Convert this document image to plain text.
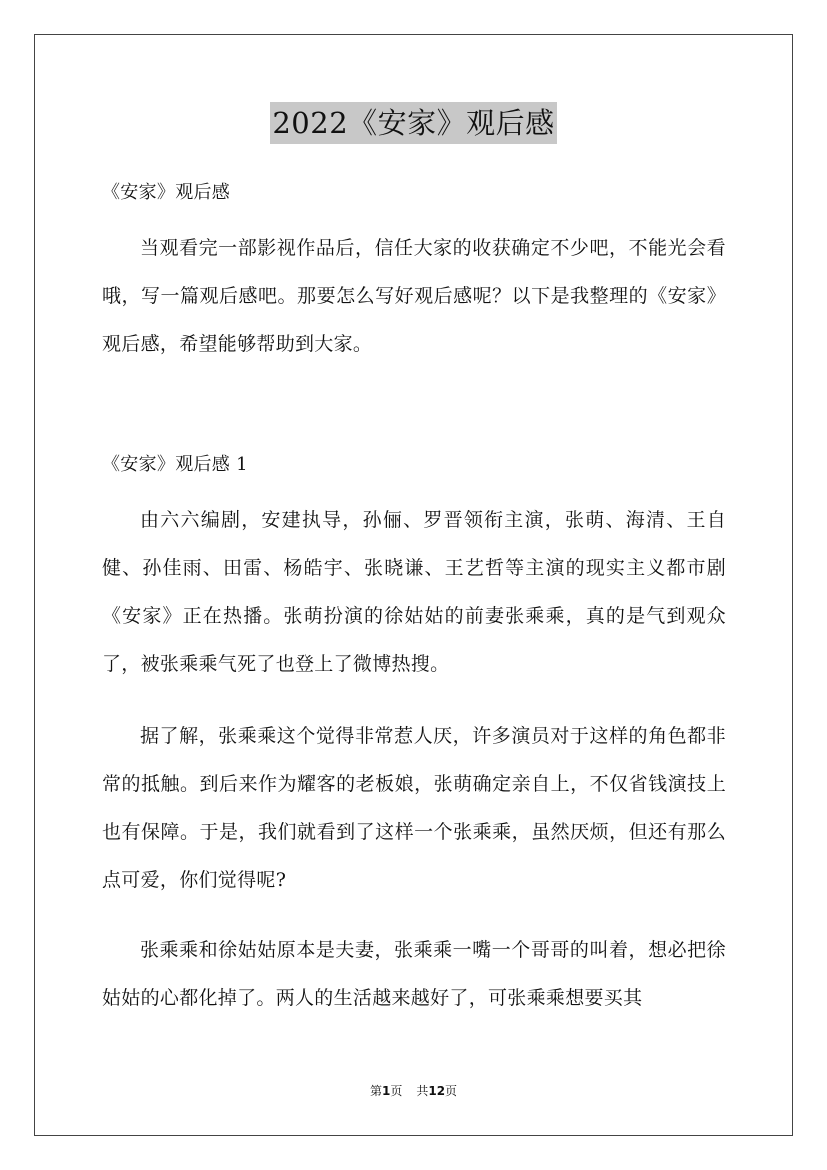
2022《安家》观后感

《安家》观后感

当观看完一部影视作品后，信任大家的收获确定不少吧，不能光会看哦，写一篇观后感吧。那要怎么写好观后感呢？以下是我整理的《安家》观后感，希望能够帮助到大家。

《安家》观后感 1

由六六编剧，安建执导，孙俪、罗晋领衔主演，张萌、海清、王自健、孙佳雨、田雷、杨皓宇、张晓谦、王艺哲等主演的现实主义都市剧《安家》正在热播。张萌扮演的徐姑姑的前妻张乘乘，真的是气到观众了，被张乘乘气死了也登上了微博热搜。

据了解，张乘乘这个觉得非常惹人厌，许多演员对于这样的角色都非常的抵触。到后来作为耀客的老板娘，张萌确定亲自上，不仅省钱演技上也有保障。于是，我们就看到了这样一个张乘乘，虽然厌烦，但还有那么点可爱，你们觉得呢?

张乘乘和徐姑姑原本是夫妻，张乘乘一嘴一个哥哥的叫着，想必把徐姑姑的心都化掉了。两人的生活越来越好了，可张乘乘想要买其

第1页 共12页
